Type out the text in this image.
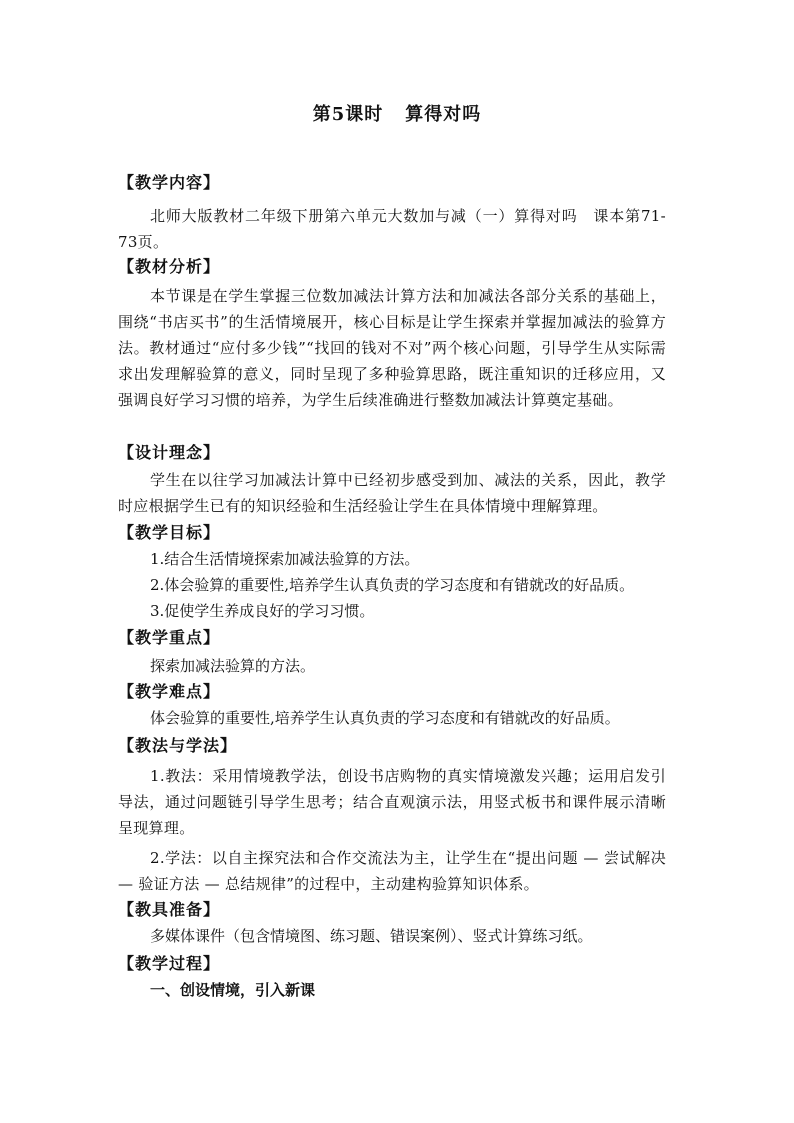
第5课时 算得对吗
【教学内容】
北师大版教材二年级下册第六单元大数加与减（一）算得对吗　课本第71-73页。
【教材分析】
本节课是在学生掌握三位数加减法计算方法和加减法各部分关系的基础上，围绕“书店买书”的生活情境展开，核心目标是让学生探索并掌握加减法的验算方法。教材通过“应付多少钱”“找回的钱对不对”两个核心问题，引导学生从实际需求出发理解验算的意义，同时呈现了多种验算思路，既注重知识的迁移应用，又强调良好学习习惯的培养，为学生后续准确进行整数加减法计算奠定基础。
【设计理念】
学生在以往学习加减法计算中已经初步感受到加、减法的关系，因此，教学时应根据学生已有的知识经验和生活经验让学生在具体情境中理解算理。
【教学目标】
1.结合生活情境探索加减法验算的方法。
2.体会验算的重要性,培养学生认真负责的学习态度和有错就改的好品质。
3.促使学生养成良好的学习习惯。
【教学重点】
探索加减法验算的方法。
【教学难点】
体会验算的重要性,培养学生认真负责的学习态度和有错就改的好品质。
【教法与学法】
1.教法：采用情境教学法，创设书店购物的真实情境激发兴趣；运用启发引导法，通过问题链引导学生思考；结合直观演示法，用竖式板书和课件展示清晰呈现算理。
2.学法：以自主探究法和合作交流法为主，让学生在“提出问题 — 尝试解决 — 验证方法 — 总结规律”的过程中，主动建构验算知识体系。
【教具准备】
多媒体课件（包含情境图、练习题、错误案例）、竖式计算练习纸。
【教学过程】
一、创设情境，引入新课
